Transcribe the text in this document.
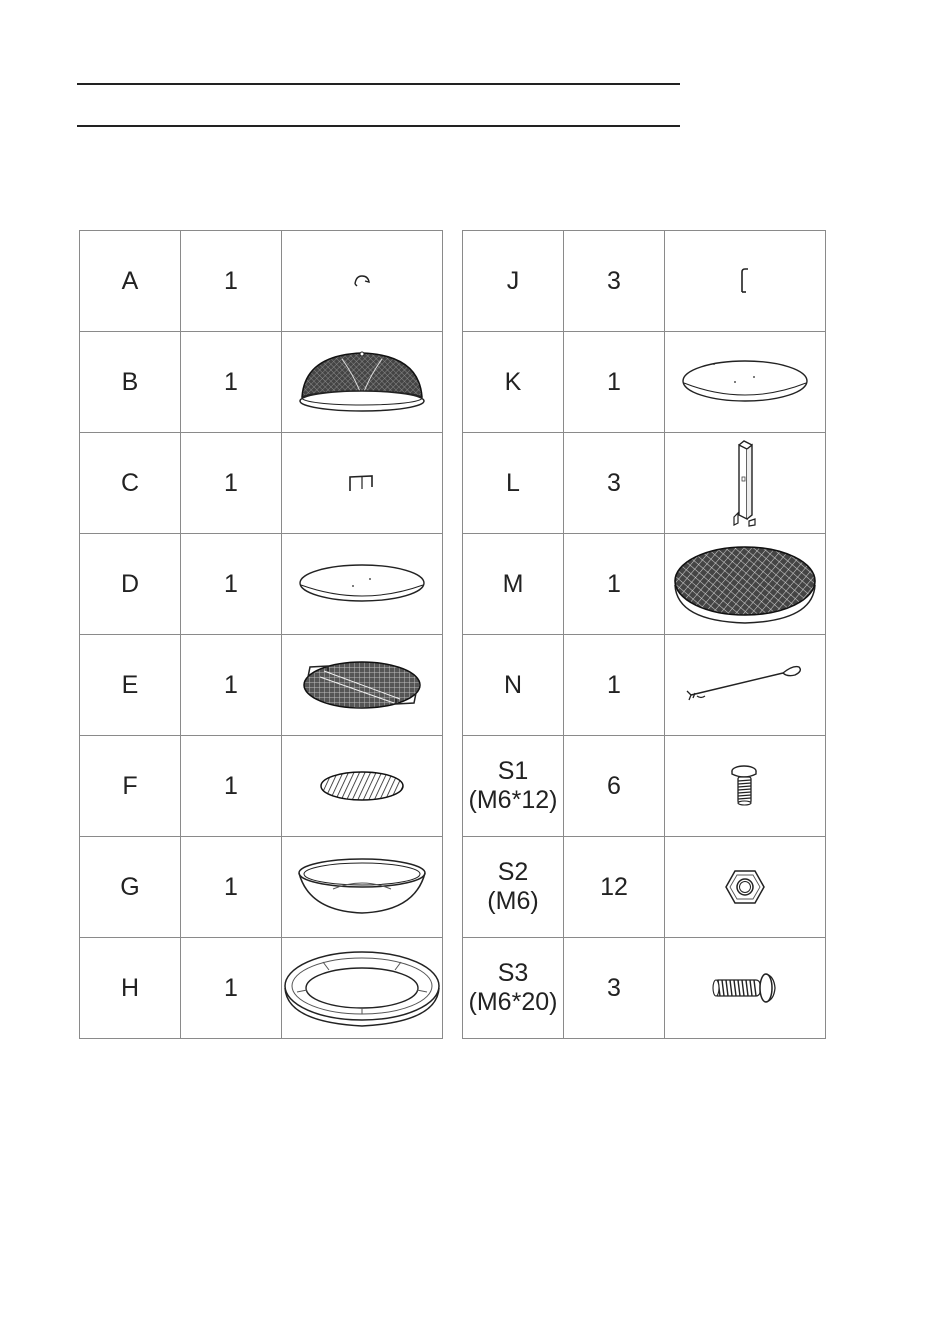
A	1	

B	1	

C	1	

D	1	

E	1	

F	1	

G	1	

H	1	
J	3	

K	1	

L	3	

M	1	

N	1	

S1
(M6*12)	6	

S2
(M6)	12	

S3
(M6*20)	3	
